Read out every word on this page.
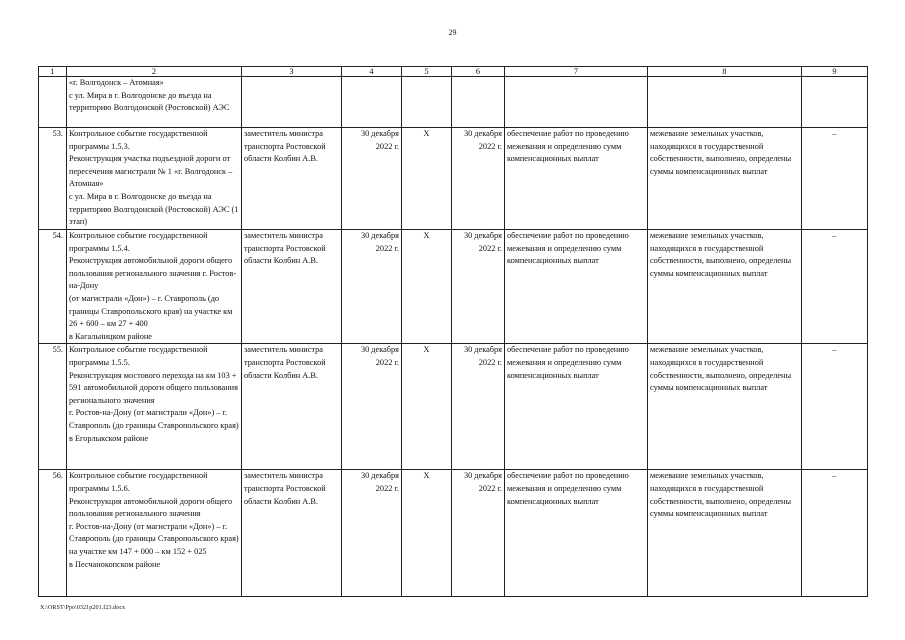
29
1	2	3	4	5	6	7	8	9
	«г. Волгодонск – Атомная»
с ул. Мира в г. Волгодонске до въезда на территорию Волгодонской (Ростовской) АЭС							
53.	Контрольное событие государственной программы 1.5.3.
Реконструкция участка подъездной дороги от пересечения магистрали № 1 «г. Волгодонск – Атомная»
с ул. Мира в г. Волгодонске до въезда на территорию Волгодонской (Ростовской) АЭС (1 этап)	заместитель министра транспорта Ростовской области Колбин А.В.	30 декабря 2022 г.	Х	30 декабря 2022 г.	обеспечение работ по проведению межевания и определению сумм компенсационных выплат	межевание земельных участков, находящихся в государственной собственности, выполнено, определены суммы компенсационных выплат	–
54.	Контрольное событие государственной программы 1.5.4.
Реконструкция автомобильной дороги общего пользования регионального значения г. Ростов-на-Дону
(от магистрали «Дон») – г. Ставрополь (до границы Ставропольского края) на участке км 26 + 600 – км 27 + 400
в Кагальницком районе	заместитель министра транспорта Ростовской области Колбин А.В.	30 декабря 2022 г.	Х	30 декабря 2022 г.	обеспечение работ по проведению межевания и определению сумм компенсационных выплат	межевание земельных участков, находящихся в государственной собственности, выполнено, определены суммы компенсационных выплат	–
55.	Контрольное событие государственной программы 1.5.5.
Реконструкция мостового перехода на км 103 + 591 автомобильной дороги общего пользования регионального значения
г. Ростов-на-Дону (от магистрали «Дон») – г. Ставрополь (до границы Ставропольского края)
в Егорлыкском районе	заместитель министра транспорта Ростовской области Колбин А.В.	30 декабря 2022 г.	Х	30 декабря 2022 г.	обеспечение работ по проведению межевания и определению сумм компенсационных выплат	межевание земельных участков, находящихся в государственной собственности, выполнено, определены суммы компенсационных выплат	–
56.	Контрольное событие государственной программы 1.5.6.
Реконструкция автомобильной дороги общего пользования регионального значения
г. Ростов-на-Дону (от магистрали «Дон») – г. Ставрополь (до границы Ставропольского края) на участке км 147 + 000 – км 152 + 025
в Песчанокопском районе	заместитель министра транспорта Ростовской области Колбин А.В.	30 декабря 2022 г.	Х	30 декабря 2022 г.	обеспечение работ по проведению межевания и определению сумм компенсационных выплат	межевание земельных участков, находящихся в государственной собственности, выполнено, определены суммы компенсационных выплат	–
X:\ORST\Ppo\0321p201.f23.docx
